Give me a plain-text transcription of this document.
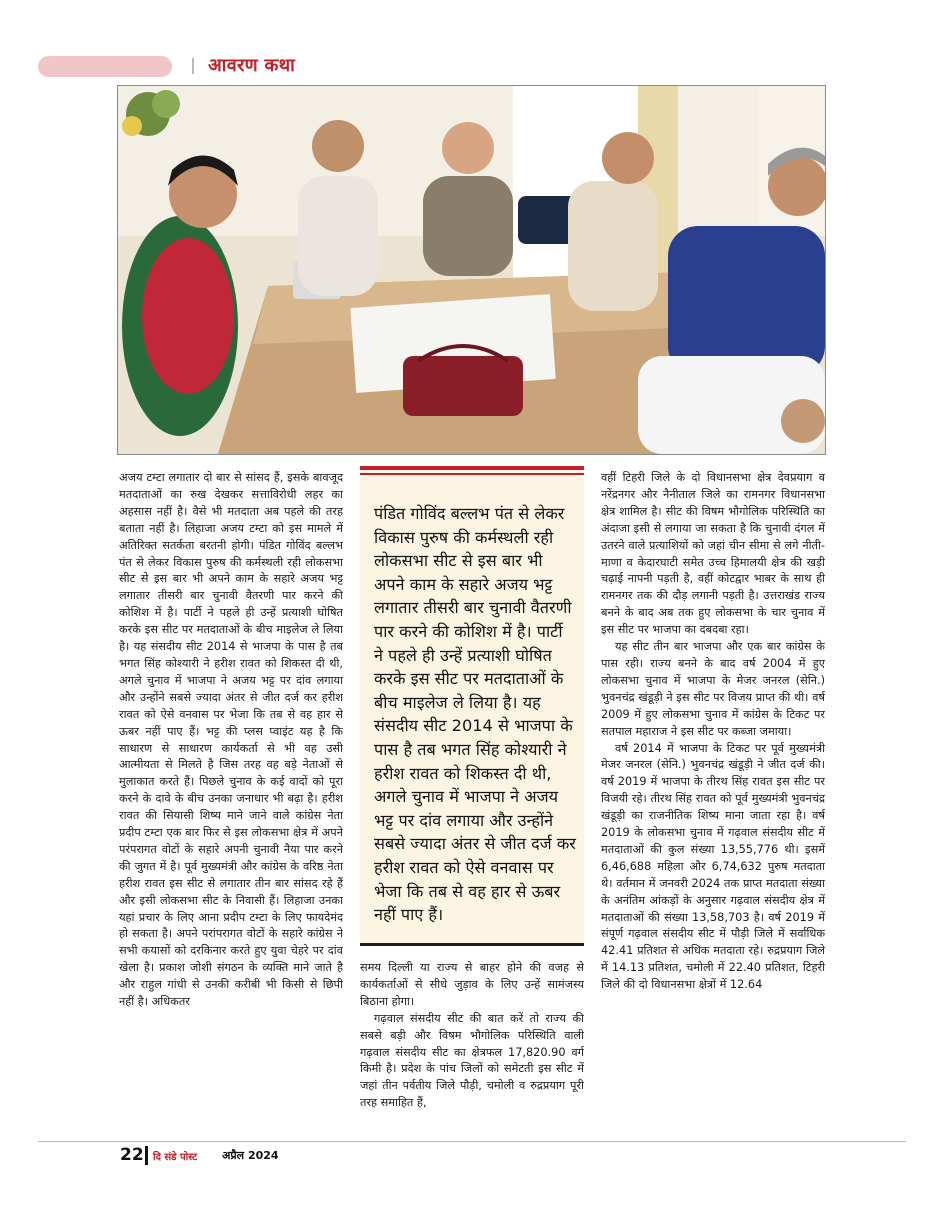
आवरण कथा

अजय टम्टा लगातार दो बार से सांसद हैं, इसके बावजूद मतदाताओं का रुख देखकर सत्ताविरोधी लहर का अहसास नहीं है। वैसे भी मतदाता अब पहले की तरह बताता नहीं है। लिहाजा अजय टम्टा को इस मामले में अतिरिक्त सतर्कता बरतनी होगी। पंडित गोविंद बल्लभ पंत से लेकर विकास पुरुष की कर्मस्थली रही लोकसभा सीट से इस बार भी अपने काम के सहारे अजय भट्ट लगातार तीसरी बार चुनावी वैतरणी पार करने की कोशिश में है। पार्टी ने पहले ही उन्हें प्रत्याशी घोषित करके इस सीट पर मतदाताओं के बीच माइलेज ले लिया है। यह संसदीय सीट 2014 से भाजपा के पास है तब भगत सिंह कोश्यारी ने हरीश रावत को शिकस्त दी थी, अगले चुनाव में भाजपा ने अजय भट्ट पर दांव लगाया और उन्होंने सबसे ज्यादा अंतर से जीत दर्ज कर हरीश रावत को ऐसे वनवास पर भेजा कि तब से वह हार से ऊबर नहीं पाए हैं। भट्ट की प्लस प्वाइंट यह है कि साधारण से साधारण कार्यकर्ता से भी वह उसी आत्मीयता से मिलते है जिस तरह वह बड़े नेताओं से मुलाकात करते हैं। पिछले चुनाव के कई वादों को पूरा करने के दावे के बीच उनका जनाधार भी बढ़ा है। हरीश रावत की सियासी शिष्य माने जाने वाले कांग्रेस नेता प्रदीप टम्टा एक बार फिर से इस लोकसभा क्षेत्र में अपने परंपरागत वोटों के सहारे अपनी चुनावी नैया पार करने की जुगत में है। पूर्व मुख्यमंत्री और कांग्रेस के वरिष्ठ नेता हरीश रावत इस सीट से लगातार तीन बार सांसद रहे हैं और इसी लोकसभा सीट के निवासी हैं। लिहाजा उनका यहां प्रचार के लिए आना प्रदीप टम्टा के लिए फायदेमंद हो सकता है। अपने परांपरागत वोटों के सहारे कांग्रेस ने सभी कयासों को दरकिनार करते हुए युवा चेहरे पर दांव खेला है। प्रकाश जोशी संगठन के व्यक्ति माने जाते है और राहुल गांधी से उनकी करीबी भी किसी से छिपी नहीं है। अधिकतर

पंडित गोविंद बल्लभ पंत से लेकर विकास पुरुष की कर्मस्थली रही लोकसभा सीट से इस बार भी अपने काम के सहारे अजय भट्ट लगातार तीसरी बार चुनावी वैतरणी पार करने की कोशिश में है। पार्टी ने पहले ही उन्हें प्रत्याशी घोषित करके इस सीट पर मतदाताओं के बीच माइलेज ले लिया है। यह संसदीय सीट 2014 से भाजपा के पास है तब भगत सिंह कोश्यारी ने हरीश रावत को शिकस्त दी थी, अगले चुनाव में भाजपा ने अजय भट्ट पर दांव लगाया और उन्होंने सबसे ज्यादा अंतर से जीत दर्ज कर हरीश रावत को ऐसे वनवास पर भेजा कि तब से वह हार से ऊबर नहीं पाए हैं।

समय दिल्ली या राज्य से बाहर होने की वजह से कार्यकर्ताओं से सीधे जुड़ाव के लिए उन्हें सामंजस्य बिठाना होगा।

गढ़वाल संसदीय सीट की बात करें तो राज्य की सबसे बड़ी और विषम भौगोलिक परिस्थिति वाली गढ़वाल संसदीय सीट का क्षेत्रफल 17,820.90 वर्ग किमी है। प्रदेश के पांच जिलों को समेटती इस सीट में जहां तीन पर्वतीय जिले पौड़ी, चमोली व रुद्रप्रयाग पूरी तरह समाहित हैं,

वहीं टिहरी जिले के दो विधानसभा क्षेत्र देवप्रयाग व नरेंद्रनगर और नैनीताल जिले का रामनगर विधानसभा क्षेत्र शामिल है। सीट की विषम भौगोलिक परिस्थिति का अंदाजा इसी से लगाया जा सकता है कि चुनावी दंगल में उतरने वाले प्रत्याशियों को जहां चीन सीमा से लगे नीती-माणा व केदारघाटी समेत उच्च हिमालयी क्षेत्र की खड़ी चढ़ाई नापनी पड़ती है, वहीं कोटद्वार भाबर के साथ ही रामनगर तक की दौड़ लगानी पड़ती है। उत्तराखंड राज्य बनने के बाद अब तक हुए लोकसभा के चार चुनाव में इस सीट पर भाजपा का दबदबा रहा।

यह सीट तीन बार भाजपा और एक बार कांग्रेस के पास रही। राज्य बनने के बाद वर्ष 2004 में हुए लोकसभा चुनाव में भाजपा के मेजर जनरल (सेनि.) भुवनचंद्र खंडूड़ी ने इस सीट पर विजय प्राप्त की थी। वर्ष 2009 में हुए लोकसभा चुनाव में कांग्रेस के टिकट पर सतपाल महाराज ने इस सीट पर कब्जा जमाया।

वर्ष 2014 में भाजपा के टिकट पर पूर्व मुख्यमंत्री मेजर जनरल (सेनि.) भुवनचंद्र खंडूड़ी ने जीत दर्ज की। वर्ष 2019 में भाजपा के तीरथ सिंह रावत इस सीट पर विजयी रहे। तीरथ सिंह रावत को पूर्व मुख्यमंत्री भुवनचंद्र खंडूड़ी का राजनीतिक शिष्य माना जाता रहा है। वर्ष 2019 के लोकसभा चुनाव में गढ़वाल संसदीय सीट में मतदाताओं की कुल संख्या 13,55,776 थी। इसमें 6,46,688 महिला और 6,74,632 पुरुष मतदाता थे। वर्तमान में जनवरी 2024 तक प्राप्त मतदाता संख्या के अनंतिम आंकड़ों के अनुसार गढ़वाल संसदीय क्षेत्र में मतदाताओं की संख्या 13,58,703 है। वर्ष 2019 में संपूर्ण गढ़वाल संसदीय सीट में पौड़ी जिले में सर्वाधिक 42.41 प्रतिशत से अधिक मतदाता रहे। रुद्रप्रयाग जिले में 14.13 प्रतिशत, चमोली में 22.40 प्रतिशत, टिहरी जिले की दो विधानसभा क्षेत्रों में 12.64

22 दि संडे पोस्ट अप्रैल 2024
